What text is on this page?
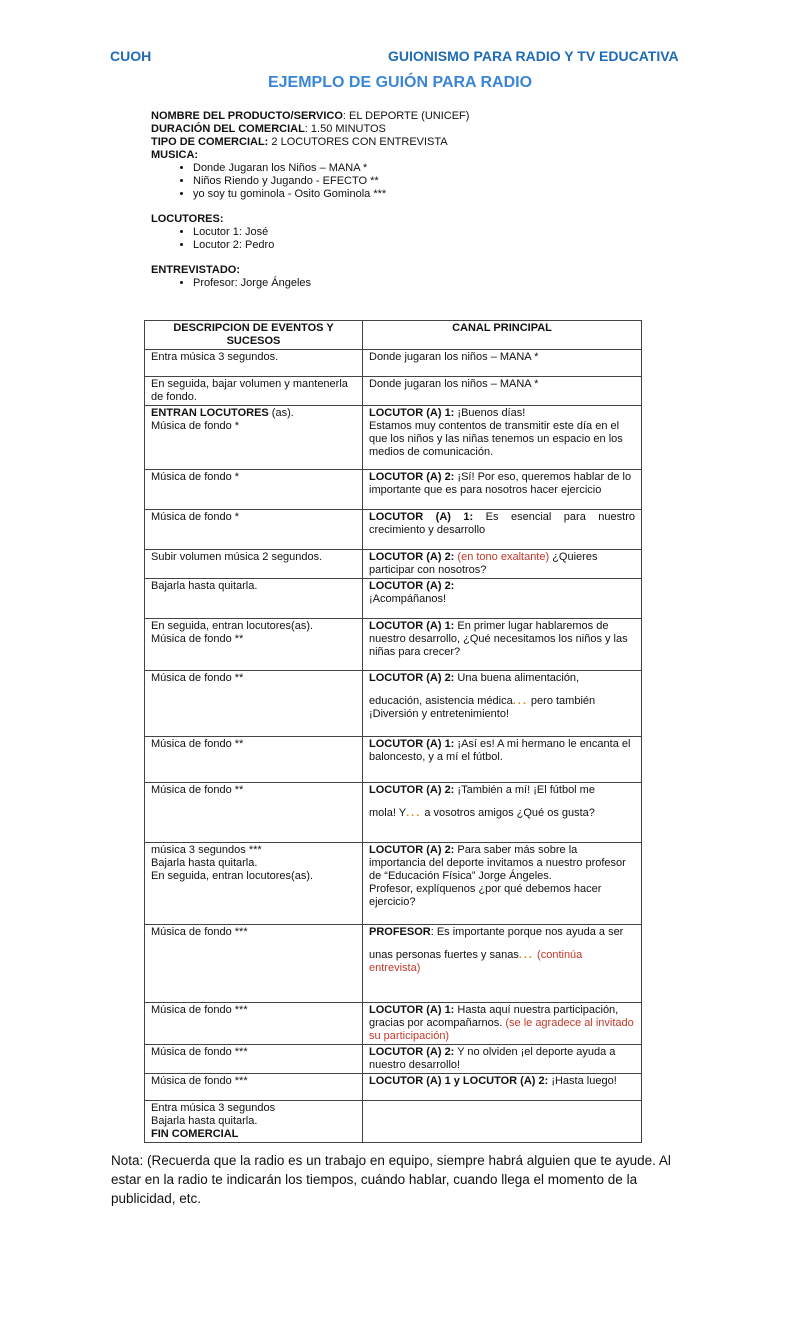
CUOH	GUIONISMO PARA RADIO Y TV EDUCATIVA
EJEMPLO DE GUIÓN PARA RADIO
NOMBRE DEL PRODUCTO/SERVICO: EL DEPORTE (UNICEF)
DURACIÓN DEL COMERCIAL: 1.50 MINUTOS
TIPO DE COMERCIAL: 2 LOCUTORES CON ENTREVISTA
MUSICA:
• Donde Jugaran los Niños – MANA *
• Niños Riendo y Jugando - EFECTO **
• yo soy tu gominola - Osito Gominola ***
LOCUTORES:
• Locutor 1: José
• Locutor 2: Pedro
ENTREVISTADO:
• Profesor: Jorge Ángeles
DESCRIPCION DE EVENTOS Y SUCESOS	CANAL PRINCIPAL

Entra música 3 segundos.	Donde jugaran los niños – MANA *

En seguida, bajar volumen y mantenerla de fondo.	Donde jugaran los niños – MANA *
ENTRAN LOCUTORES (as).
Música de fondo *	LOCUTOR (A) 1: ¡Buenos días!
Estamos muy contentos de transmitir este día en el que los niños y las niñas tenemos un espacio en los medios de comunicación.

Música de fondo *	LOCUTOR (A) 2: ¡Sí! Por eso, queremos hablar de lo importante que es para nosotros hacer ejercicio

Música de fondo *	LOCUTOR (A) 1: Es esencial para nuestro crecimiento y desarrollo

Subir volumen música 2 segundos.	LOCUTOR (A) 2: (en tono exaltante) ¿Quieres participar con nosotros?

Bajarla hasta quitarla.	LOCUTOR (A) 2:
¡Acompáñanos!

En seguida, entran locutores(as).
Música de fondo **	LOCUTOR (A) 1: En primer lugar hablaremos de nuestro desarrollo, ¿Qué necesitamos los niños y las niñas para crecer?

Música de fondo **	LOCUTOR (A) 2: Una buena alimentación,
educación, asistencia médica... pero también ¡Diversión y entretenimiento!

Música de fondo **	LOCUTOR (A) 1: ¡Así es! A mi hermano le encanta el baloncesto, y a mí el fútbol.

Música de fondo **	LOCUTOR (A) 2: ¡También a mí! ¡El fútbol me
mola! Y... a vosotros amigos ¿Qué os gusta?

música 3 segundos ***
Bajarla hasta quitarla.
En seguida, entran locutores(as).	LOCUTOR (A) 2: Para saber más sobre la importancia del deporte invitamos a nuestro profesor de “Educación Física” Jorge Ángeles.
Profesor, explíquenos ¿por qué debemos hacer ejercicio?

Música de fondo ***	PROFESOR: Es importante porque nos ayuda a ser
unas personas fuertes y sanas... (continúa entrevista)

Música de fondo ***	LOCUTOR (A) 1: Hasta aquí nuestra participación, gracias por acompañarnos. (se le agradece al invitado su participación)

Música de fondo ***	LOCUTOR (A) 2: Y no olviden ¡el deporte ayuda a nuestro desarrollo!

Música de fondo ***	LOCUTOR (A) 1 y LOCUTOR (A) 2: ¡Hasta luego!

Entra música 3 segundos
Bajarla hasta quitarla.
FIN COMERCIAL	

Nota: (Recuerda que la radio es un trabajo en equipo, siempre habrá alguien que te ayude. Al estar en la radio te indicarán los tiempos, cuándo hablar, cuando llega el momento de la publicidad, etc.
